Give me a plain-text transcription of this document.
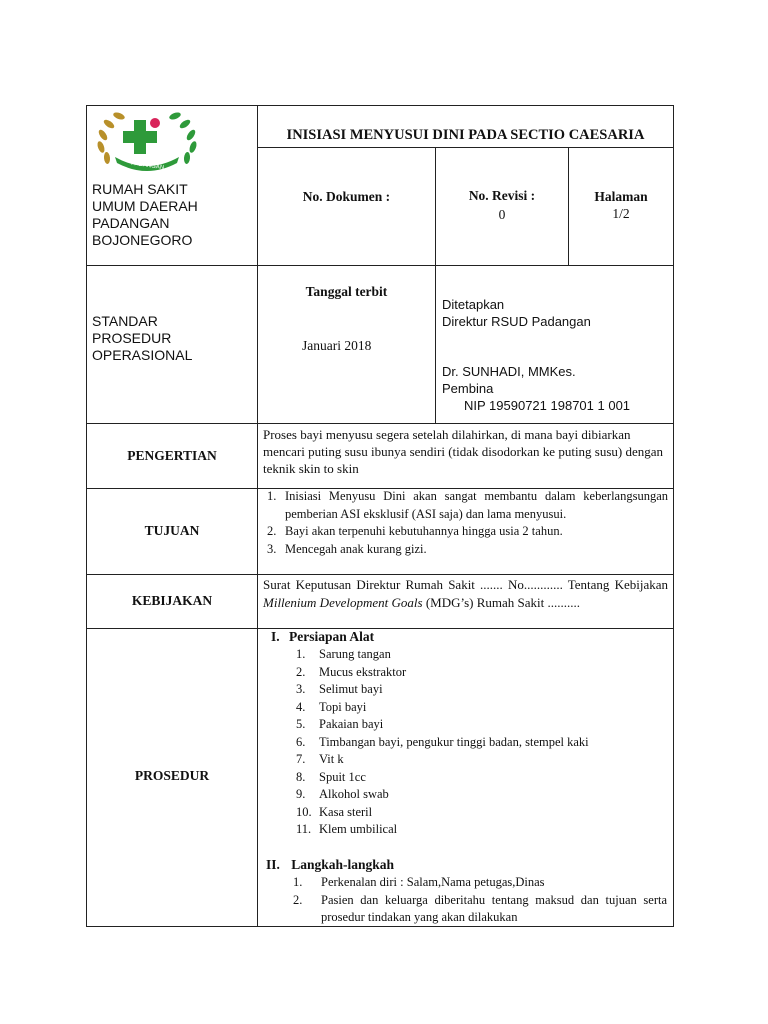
RSUD PADANGAN
RUMAH SAKIT
UMUM DAERAH
PADANGAN
BOJONEGORO
INISIASI MENYUSUI DINI PADA SECTIO CAESARIA
No. Dokumen :	No. Revisi :
0
Halaman
1/2
STANDAR
PROSEDUR
OPERASIONAL
Tanggal terbit
Januari 2018
Ditetapkan
Direktur RSUD Padangan
Dr. SUNHADI, MMKes.
Pembina
NIP 19590721 198701 1 001
PENGERTIAN
Proses bayi menyusu segera setelah dilahirkan, di mana bayi dibiarkan mencari puting susu ibunya sendiri (tidak disodorkan ke puting susu) dengan teknik skin to skin
TUJUAN
1. Inisiasi Menyusu Dini akan sangat membantu dalam keberlangsungan pemberian ASI eksklusif (ASI saja) dan lama menyusui.
2. Bayi akan terpenuhi kebutuhannya hingga usia 2 tahun.
3. Mencegah anak kurang gizi.
KEBIJAKAN
Surat Keputusan Direktur Rumah Sakit ....... No............ Tentang Kebijakan Millenium Development Goals (MDG’s) Rumah Sakit ..........
PROSEDUR
I. Persiapan Alat
1. Sarung tangan
2. Mucus ekstraktor
3. Selimut bayi
4. Topi bayi
5. Pakaian bayi
6. Timbangan bayi, pengukur tinggi badan, stempel kaki
7. Vit k
8. Spuit 1cc
9. Alkohol swab
10. Kasa steril
11. Klem umbilical
II. Langkah-langkah
1. Perkenalan diri : Salam,Nama petugas,Dinas
2. Pasien dan keluarga diberitahu tentang maksud dan tujuan serta prosedur tindakan yang akan dilakukan
